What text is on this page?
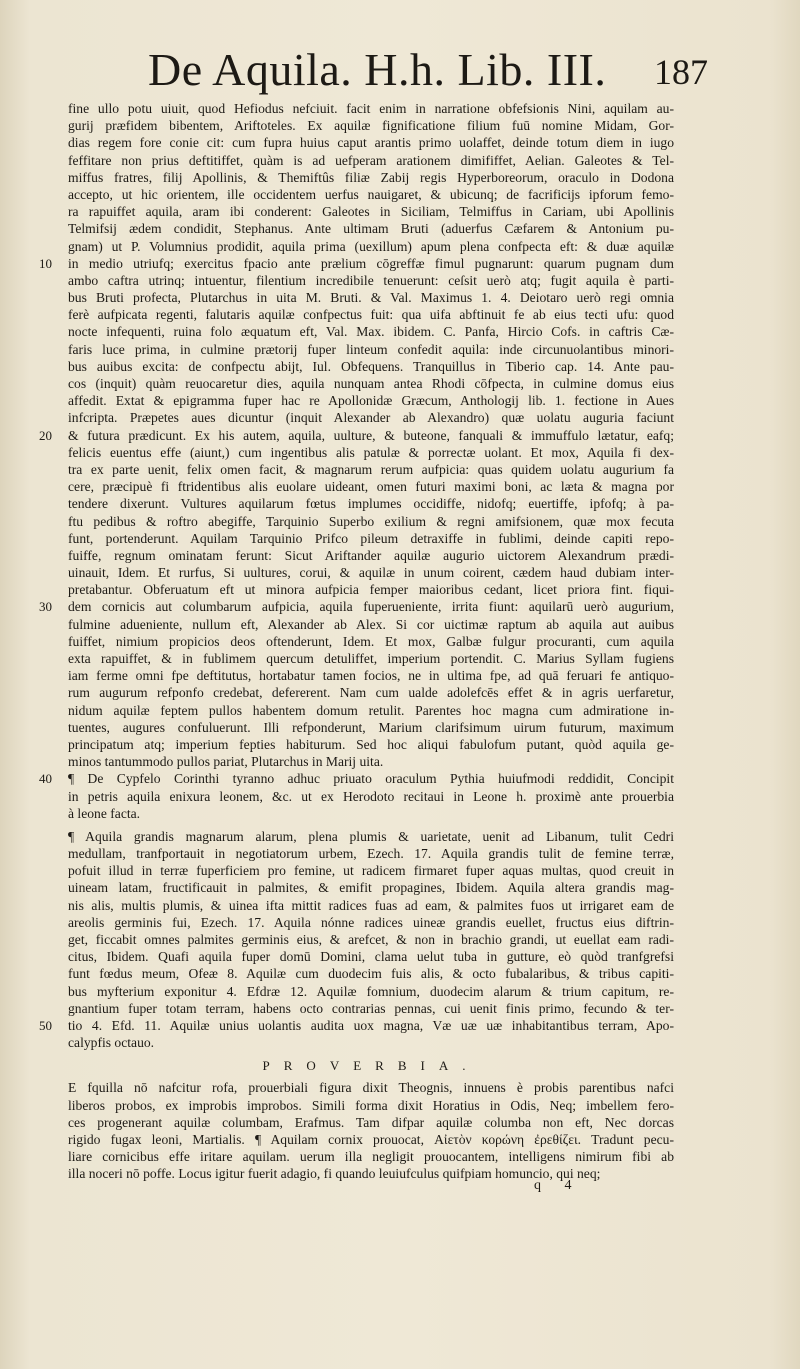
De Aquila. H.h. Lib. III. 187
fine ullo potu uiuit, quod Hefiodus nefciuit. facit enim in narratione obfefsionis Nini, aquilam au-
gurij præfidem bibentem, Ariftoteles. Ex aquilæ fignificatione filium fuū nomine Midam, Gor-
dias regem fore conie cit: cum fupra huius caput arantis primo uolaffet, deinde totum diem in iugo
feffitare non prius deftitiffet, quàm is ad uefperam arationem dimififfet, Aelian. Galeotes & Tel-
miffus fratres, filij Apollinis, & Themiftûs filiæ Zabij regis Hyperboreorum, oraculo in Dodona
accepto, ut hic orientem, ille occidentem uerfus nauigaret, & ubicunq; de facrificijs ipforum femo-
ra rapuiffet aquila, aram ibi conderent: Galeotes in Siciliam, Telmiffus in Cariam, ubi Apollinis
Telmifsij ædem condidit, Stephanus. Ante ultimam Bruti (aduerfus Cæfarem & Antonium pu-
gnam) ut P. Volumnius prodidit, aquila prima (uexillum) apum plena confpecta eft: & duæ aquilæ
in medio utriufq; exercitus fpacio ante prælium cōgreffæ fimul pugnarunt: quarum pugnam dum
10
ambo caftra utrinq; intuentur, filentium incredibile tenuerunt: ceſsit uerò atq; fugit aquila è parti-
bus Bruti profecta, Plutarchus in uita M. Bruti. & Val. Maximus 1. 4. Deiotaro uerò regi omnia
ferè aufpicata regenti, falutaris aquilæ confpectus fuit: qua uifa abftinuit fe ab eius tecti ufu: quod
nocte infequenti, ruina folo æquatum eft, Val. Max. ibidem. C. Panfa, Hircio Cofs. in caftris Cæ-
faris luce prima, in culmine prætorij fuper linteum confedit aquila: inde circunuolantibus minori-
bus auibus excita: de confpectu abijt, Iul. Obfequens. Tranquillus in Tiberio cap. 14. Ante pau-
cos (inquit) quàm reuocaretur dies, aquila nunquam antea Rhodi cōfpecta, in culmine domus eius
affedit. Extat & epigramma fuper hac re Apollonidæ Græcum, Anthologij lib. 1. fectione in Aues
infcripta. Præpetes aues dicuntur (inquit Alexander ab Alexandro) quæ uolatu auguria faciunt
& futura prædicunt. Ex his autem, aquila, uulture, & buteone, fanquali & immuffulo lætatur, eafq;
20
felicis euentus effe (aiunt,) cum ingentibus alis patulæ & porrectæ uolant. Et mox, Aquila fi dex-
tra ex parte uenit, felix omen facit, & magnarum rerum aufpicia: quas quidem uolatu augurium fa
cere, præcipuè fi ftridentibus alis euolare uideant, omen futuri maximi boni, ac læta & magna por
tendere dixerunt. Vultures aquilarum fœtus implumes occidiffe, nidofq; euertiffe, ipfofq; à pa-
ftu pedibus & roftro abegiffe, Tarquinio Superbo exilium & regni amifsionem, quæ mox fecuta
funt, portenderunt. Aquilam Tarquinio Prifco pileum detraxiffe in fublimi, deinde capiti repo-
fuiffe, regnum ominatam ferunt: Sicut Ariftander aquilæ augurio uictorem Alexandrum prædi-
uinauit, Idem. Et rurfus, Si uultures, corui, & aquilæ in unum coirent, cædem haud dubiam inter-
pretabantur. Obferuatum eft ut minora aufpicia femper maioribus cedant, licet priora fint. fiqui-
dem cornicis aut columbarum aufpicia, aquila fuperueniente, irrita fiunt: aquilarū uerò augurium,
30
fulmine adueniente, nullum eft, Alexander ab Alex. Si cor uictimæ raptum ab aquila aut auibus
fuiffet, nimium propicios deos oftenderunt, Idem. Et mox, Galbæ fulgur procuranti, cum aquila
exta rapuiffet, & in fublimem quercum detuliffet, imperium portendit. C. Marius Syllam fugiens
iam ferme omni fpe deftitutus, hortabatur tamen focios, ne in ultima fpe, ad quā feruari fe antiquo-
rum augurum refponfo credebat, defererent. Nam cum ualde adolefcēs effet & in agris uerfaretur,
nidum aquilæ feptem pullos habentem domum retulit. Parentes hoc magna cum admiratione in-
tuentes, augures confuluerunt. Illi refponderunt, Marium clarifsimum uirum futurum, maximum
principatum atq; imperium fepties habiturum. Sed hoc aliqui fabulofum putant, quòd aquila ge-
minos tantummodo pullos pariat, Plutarchus in Marij uita.
¶ De Cypfelo Corinthi tyranno adhuc priuato oraculum Pythia huiufmodi reddidit, Concipit
40
in petris aquila enixura leonem, &c. ut ex Herodoto recitaui in Leone h. proximè ante prouerbia
à leone facta.
¶ Aquila grandis magnarum alarum, plena plumis & uarietate, uenit ad Libanum, tulit Cedri
medullam, tranfportauit in negotiatorum urbem, Ezech. 17. Aquila grandis tulit de femine terræ,
pofuit illud in terræ fuperficiem pro femine, ut radicem firmaret fuper aquas multas, quod creuit in
uineam latam, fructificauit in palmites, & emifit propagines, Ibidem. Aquila altera grandis mag-
nis alis, multis plumis, & uinea ifta mittit radices fuas ad eam, & palmites fuos ut irrigaret eam de
areolis germinis fui, Ezech. 17. Aquila nónne radices uineæ grandis euellet, fructus eius diftrin-
get, ficcabit omnes palmites germinis eius, & arefcet, & non in brachio grandi, ut euellat eam radi-
citus, Ibidem. Quafi aquila fuper domū Domini, clama uelut tuba in gutture, eò quòd tranfgrefsi
funt fœdus meum, Ofeæ 8. Aquilæ cum duodecim fuis alis, & octo fubalaribus, & tribus capiti-
bus myfterium exponitur 4. Efdræ 12. Aquilæ fomnium, duodecim alarum & trium capitum, re-
gnantium fuper totam terram, habens octo contrarias pennas, cui uenit finis primo, fecundo & ter-
tio 4. Efd. 11. Aquilæ unius uolantis audita uox magna, Væ uæ uæ inhabitantibus terram, Apo-
50
calypfis octauo.
PROVERBIA.
E fquilla nō nafcitur rofa, prouerbiali figura dixit Theognis, innuens è probis parentibus nafci
liberos probos, ex improbis improbos. Simili forma dixit Horatius in Odis, Neq; imbellem fero-
ces progenerant aquilæ columbam, Erafmus. Tam difpar aquilæ columba non eft, Nec dorcas
rigido fugax leoni, Martialis. ¶ Aquilam cornix prouocat, Αἰετὸν κορώνη ἐρεθίζει. Tradunt pecu-
liare cornicibus effe iritare aquilam. uerum illa negligit prouocantem, intelligens nimirum fibi ab
illa noceri nō poffe. Locus igitur fuerit adagio, fi quando leuiufculus quifpiam homuncio, qui neq;
q 4
